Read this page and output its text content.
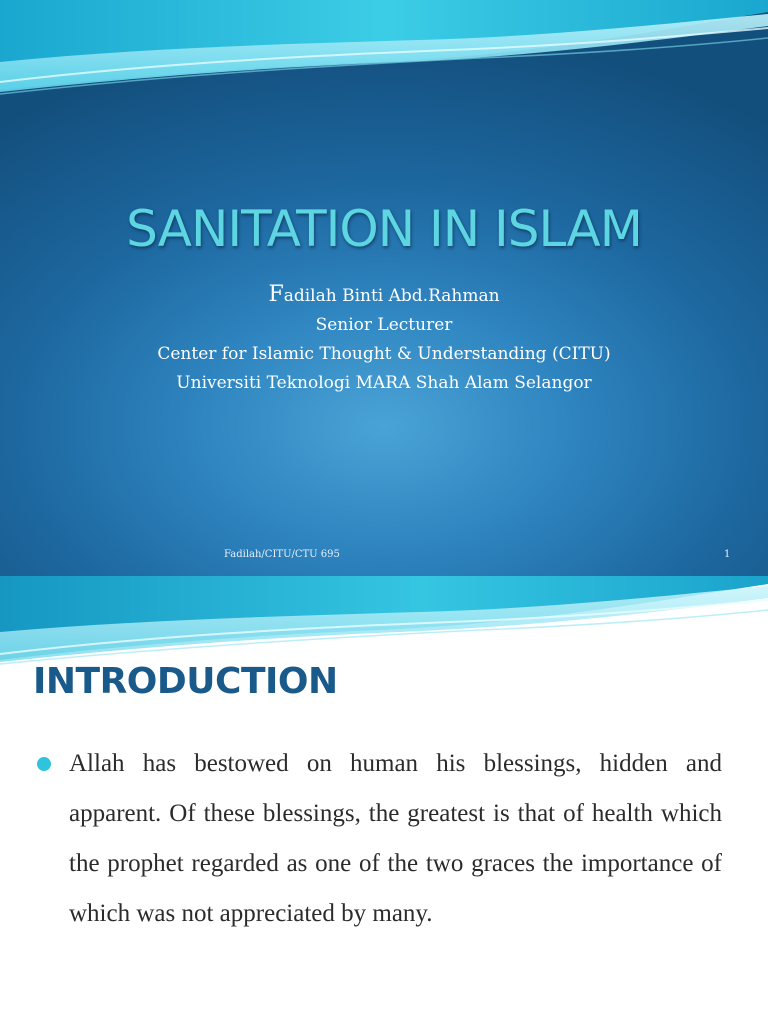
SANITATION IN ISLAM
Fadilah Binti Abd.Rahman
Senior Lecturer
Center for Islamic Thought & Understanding (CITU)
Universiti Teknologi MARA Shah Alam Selangor
Fadilah/CITU/CTU 695	1
INTRODUCTION

Allah has bestowed on human his blessings, hidden and apparent. Of these blessings, the greatest is that of health which the prophet regarded as one of the two graces the importance of which was not appreciated by many.
